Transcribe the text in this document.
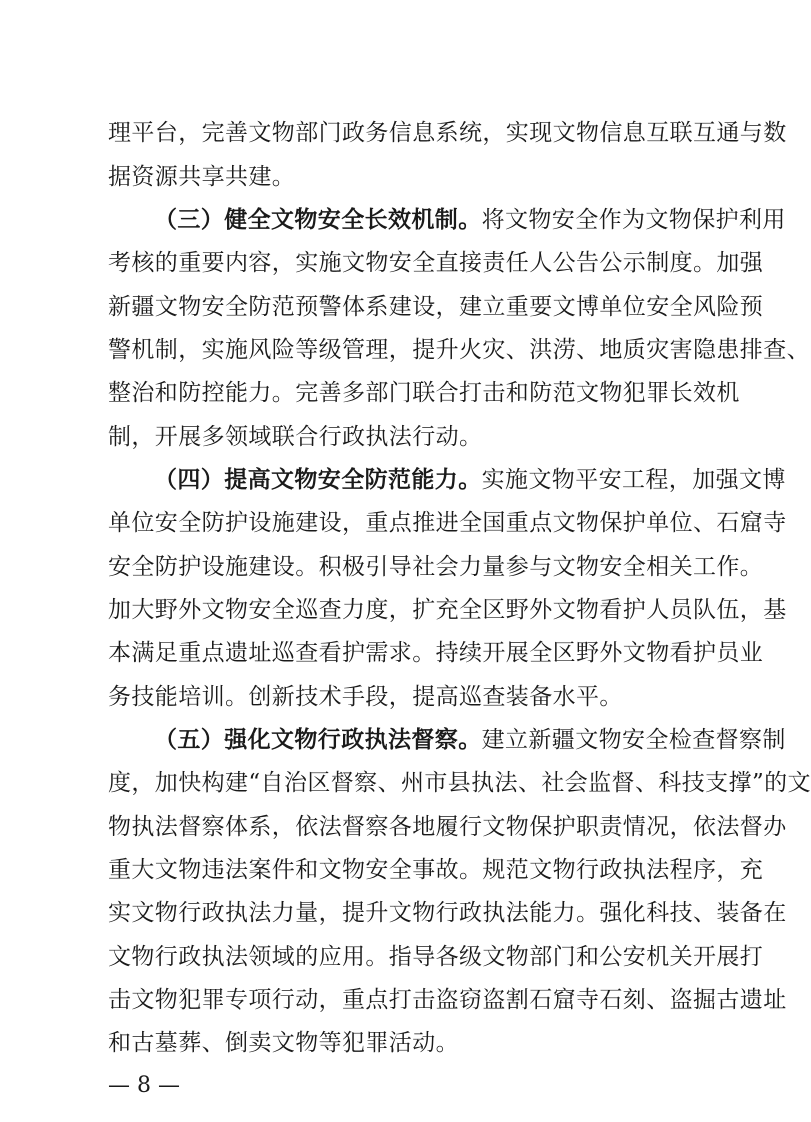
理平台，完善文物部门政务信息系统，实现文物信息互联互通与数
据资源共享共建。
（三）健全文物安全长效机制。将文物安全作为文物保护利用
考核的重要内容，实施文物安全直接责任人公告公示制度。加强
新疆文物安全防范预警体系建设，建立重要文博单位安全风险预
警机制，实施风险等级管理，提升火灾、洪涝、地质灾害隐患排查、
整治和防控能力。完善多部门联合打击和防范文物犯罪长效机
制，开展多领域联合行政执法行动。
（四）提高文物安全防范能力。实施文物平安工程，加强文博
单位安全防护设施建设，重点推进全国重点文物保护单位、石窟寺
安全防护设施建设。积极引导社会力量参与文物安全相关工作。
加大野外文物安全巡查力度，扩充全区野外文物看护人员队伍，基
本满足重点遗址巡查看护需求。持续开展全区野外文物看护员业
务技能培训。创新技术手段，提高巡查装备水平。
（五）强化文物行政执法督察。建立新疆文物安全检查督察制
度，加快构建“自治区督察、州市县执法、社会监督、科技支撑”的文
物执法督察体系，依法督察各地履行文物保护职责情况，依法督办
重大文物违法案件和文物安全事故。规范文物行政执法程序，充
实文物行政执法力量，提升文物行政执法能力。强化科技、装备在
文物行政执法领域的应用。指导各级文物部门和公安机关开展打
击文物犯罪专项行动，重点打击盗窃盗割石窟寺石刻、盗掘古遗址
和古墓葬、倒卖文物等犯罪活动。
— 8 —
